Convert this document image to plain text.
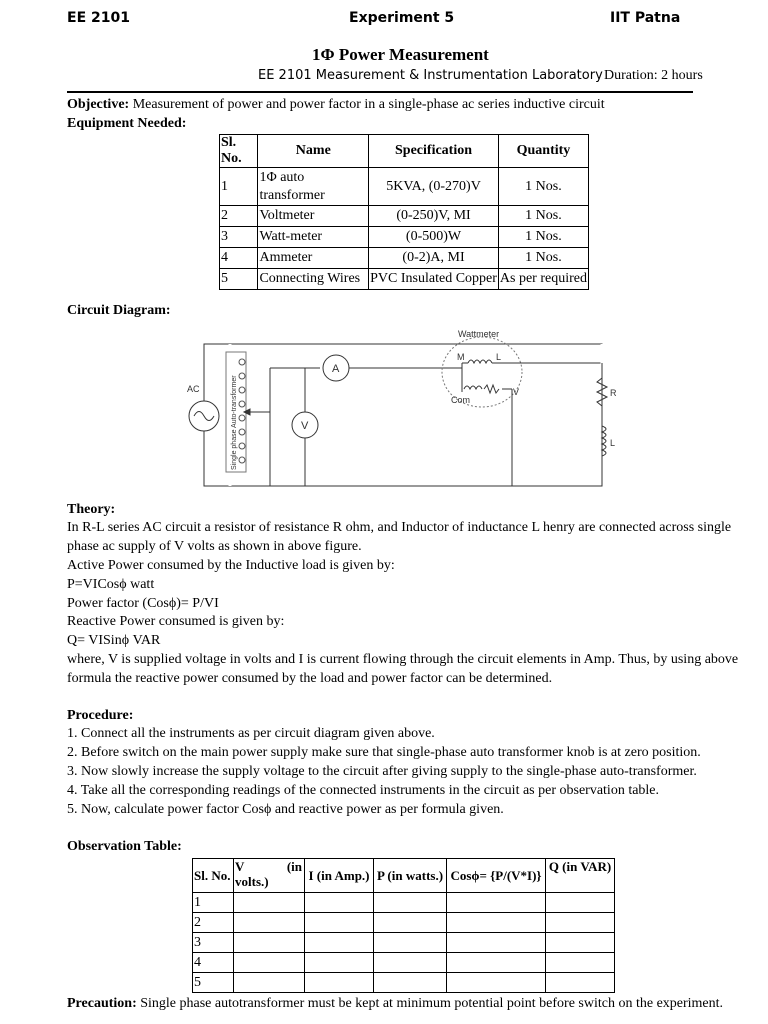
EE 2101	Experiment 5	IIT Patna
1Φ Power Measurement
EE 2101 Measurement & Instrumentation Laboratory Duration: 2 hours
Objective: Measurement of power and power factor in a single-phase ac series inductive circuit
Equipment Needed:
Sl. No.	Name	Specification	Quantity
1	1Φ auto transformer	5KVA, (0-270)V	1 Nos.
2	Voltmeter	(0-250)V, MI	1 Nos.
3	Watt-meter	(0-500)W	1 Nos.
4	Ammeter	(0-2)A, MI	1 Nos.
5	Connecting Wires	PVC Insulated Copper	As per required
Circuit Diagram:
AC
A
V
Wattmeter
M	L
Com
V	R
L
Single phase Auto-transformer
Theory:
In R-L series AC circuit a resistor of resistance R ohm, and Inductor of inductance L henry are connected across single
phase ac supply of V volts as shown in above figure.
Active Power consumed by the Inductive load is given by:
P=VICosϕ watt
Power factor (Cosϕ)= P/VI
Reactive Power consumed is given by:
Q= VISinϕ VAR
where, V is supplied voltage in volts and I is current flowing through the circuit elements in Amp. Thus, by using above
formula the reactive power consumed by the load and power factor can be determined.
Procedure:
1. Connect all the instruments as per circuit diagram given above.
2. Before switch on the main power supply make sure that single-phase auto transformer knob is at zero position.
3. Now slowly increase the supply voltage to the circuit after giving supply to the single-phase auto-transformer.
4. Take all the corresponding readings of the connected instruments in the circuit as per observation table.
5. Now, calculate power factor Cosϕ and reactive power as per formula given.
Observation Table:
Sl. No.	V (in

volts.)	I (in Amp.)	P (in watts.)	Cosϕ= {P/(V*I)}	Q (in VAR)
1					
2					
3					
4					
5					
Precaution: Single phase autotransformer must be kept at minimum potential point before switch on the experiment.
